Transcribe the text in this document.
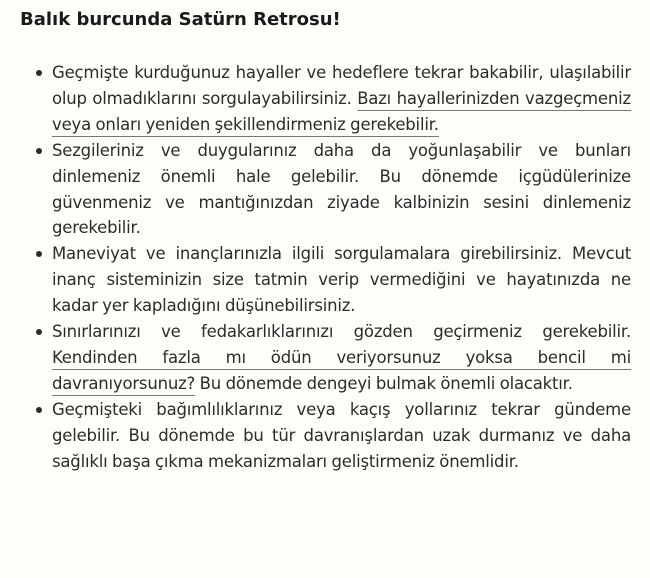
Balık burcunda Satürn Retrosu!
Geçmişte kurduğunuz hayaller ve hedeflere tekrar bakabilir, ulaşılabilir olup olmadıklarını sorgulayabilirsiniz. Bazı hayallerinizden vazgeçmeniz veya onları yeniden şekillendirmeniz gerekebilir.
Sezgileriniz ve duygularınız daha da yoğunlaşabilir ve bunları dinlemeniz önemli hale gelebilir. Bu dönemde içgüdülerinize güvenmeniz ve mantığınızdan ziyade kalbinizin sesini dinlemeniz gerekebilir.
Maneviyat ve inançlarınızla ilgili sorgulamalara girebilirsiniz. Mevcut inanç sisteminizin size tatmin verip vermediğini ve hayatınızda ne kadar yer kapladığını düşünebilirsiniz.
Sınırlarınızı ve fedakarlıklarınızı gözden geçirmeniz gerekebilir. Kendinden fazla mı ödün veriyorsunuz yoksa bencil mi davranıyorsunuz? Bu dönemde dengeyi bulmak önemli olacaktır.
Geçmişteki bağımlılıklarınız veya kaçış yollarınız tekrar gündeme gelebilir. Bu dönemde bu tür davranışlardan uzak durmanız ve daha sağlıklı başa çıkma mekanizmaları geliştirmeniz önemlidir.
